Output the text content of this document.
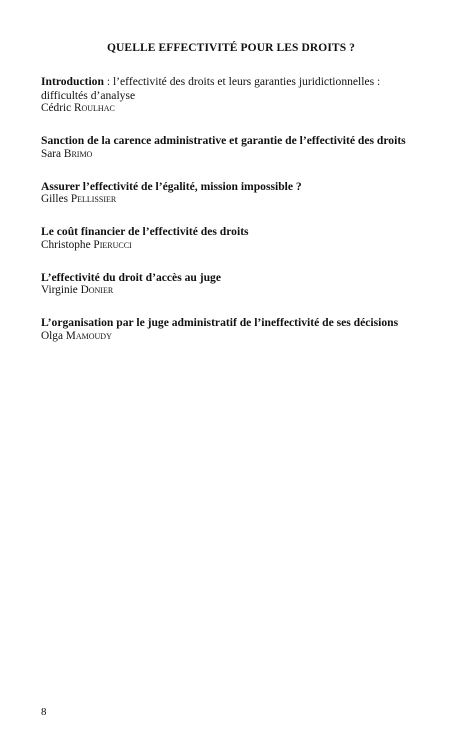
QUELLE EFFECTIVITÉ POUR LES DROITS ?
Introduction : l’effectivité des droits et leurs garanties juridictionnelles : difficultés d’analyse
Cédric Roulhac
Sanction de la carence administrative et garantie de l’effectivité des droits
Sara Brimo
Assurer l’effectivité de l’égalité, mission impossible ?
Gilles Pellissier
Le coût financier de l’effectivité des droits
Christophe Pierucci
L’effectivité du droit d’accès au juge
Virginie Donier
L’organisation par le juge administratif de l’ineffectivité de ses décisions
Olga Mamoudy
8
